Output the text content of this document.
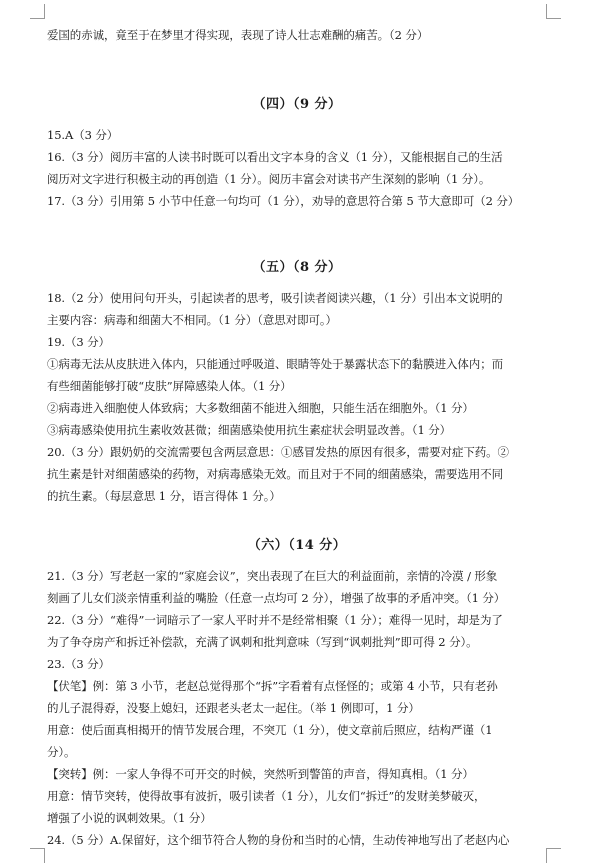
爱国的赤诚，竟至于在梦里才得实现，表现了诗人壮志难酬的痛苦。（2 分）
（四）（9 分）
15.A（3 分）
16.（3 分）阅历丰富的人读书时既可以看出文字本身的含义（1 分），又能根据自己的生活
阅历对文字进行积极主动的再创造（1 分）。阅历丰富会对读书产生深刻的影响（1 分）。
17.（3 分）引用第 5 小节中任意一句均可（1 分），劝导的意思符合第 5 节大意即可（2 分）
（五）（8 分）
18.（2 分）使用问句开头，引起读者的思考，吸引读者阅读兴趣，（1 分）引出本文说明的
主要内容：病毒和细菌大不相同。（1 分）（意思对即可。）
19.（3 分）
①病毒无法从皮肤进入体内，只能通过呼吸道、眼睛等处于暴露状态下的黏膜进入体内；而
有些细菌能够打破“皮肤”屏障感染人体。（1 分）
②病毒进入细胞使人体致病；大多数细菌不能进入细胞，只能生活在细胞外。（1 分）
③病毒感染使用抗生素收效甚微；细菌感染使用抗生素症状会明显改善。（1 分）
20.（3 分）跟奶奶的交流需要包含两层意思：①感冒发热的原因有很多，需要对症下药。②
抗生素是针对细菌感染的药物，对病毒感染无效。而且对于不同的细菌感染，需要选用不同
的抗生素。（每层意思 1 分，语言得体 1 分。）
（六）（14 分）
21.（3 分）写老赵一家的“家庭会议”，突出表现了在巨大的利益面前，亲情的冷漠 / 形象
刻画了儿女们淡亲情重利益的嘴脸（任意一点均可 2 分），增强了故事的矛盾冲突。（1 分）
22.（3 分）“难得”一词暗示了一家人平时并不是经常相聚（1 分）；难得一见时，却是为了
为了争夺房产和拆迁补偿款，充满了讽刺和批判意味（写到“讽刺批判”即可得 2 分）。
23.（3 分）
【伏笔】例：第 3 小节，老赵总觉得那个“拆”字看着有点怪怪的；或第 4 小节，只有老孙
的儿子混得孬，没娶上媳妇，还跟老头老太一起住。（举 1 例即可，1 分）
用意：使后面真相揭开的情节发展合理，不突兀（1 分），使文章前后照应，结构严谨（1
分）。
【突转】例：一家人争得不可开交的时候，突然听到警笛的声音，得知真相。（1 分）
用意：情节突转，使得故事有波折，吸引读者（1 分），儿女们“拆迁”的发财美梦破灭，
增强了小说的讽刺效果。（1 分）
24.（5 分）A.保留好，这个细节符合人物的身份和当时的心情，生动传神地写出了老赵内心
